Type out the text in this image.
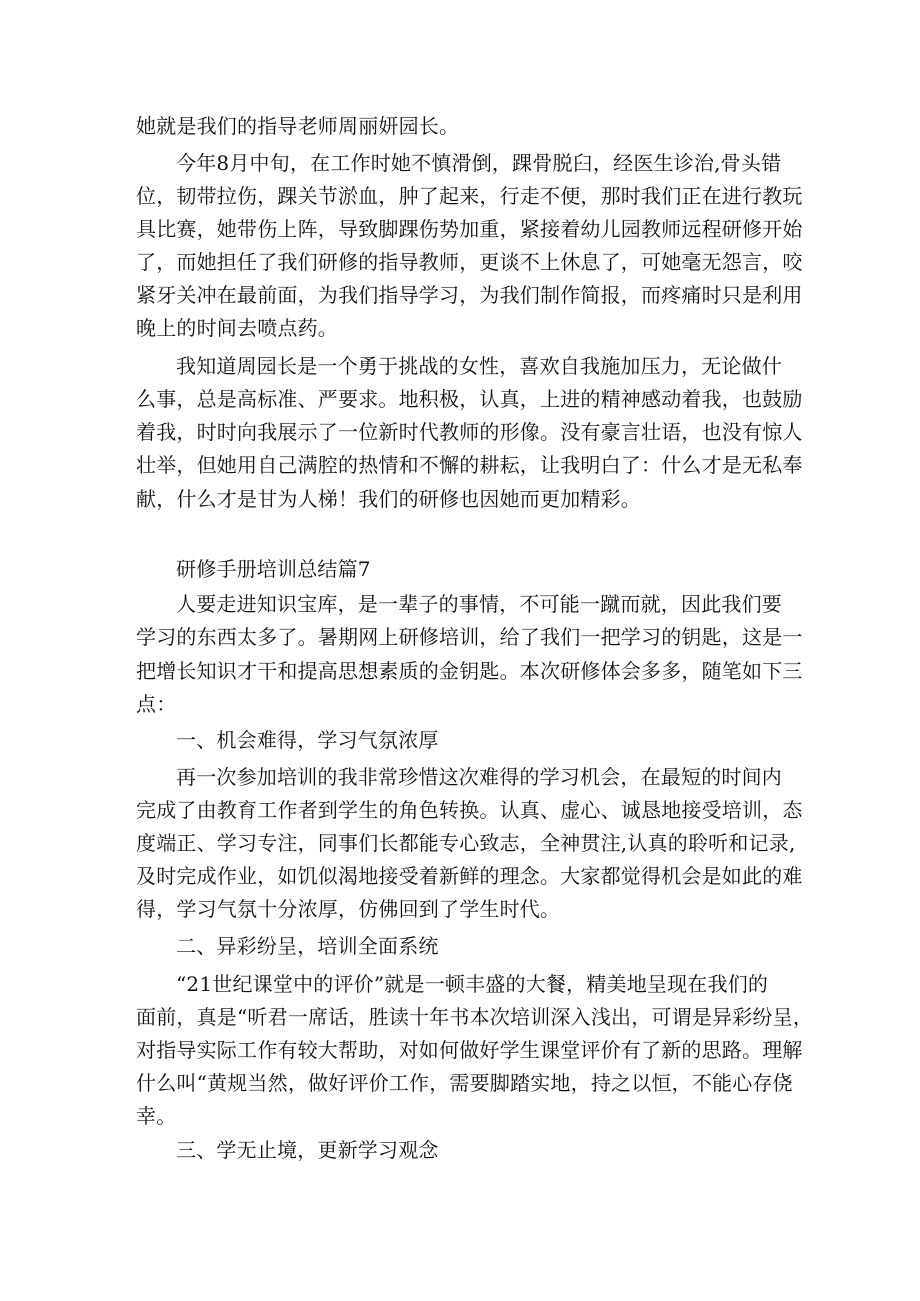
她就是我们的指导老师周丽妍园长。
今年8月中旬，在工作时她不慎滑倒，踝骨脱臼，经医生诊治,骨头错
位，韧带拉伤，踝关节淤血，肿了起来，行走不便，那时我们正在进行教玩
具比赛，她带伤上阵，导致脚踝伤势加重，紧接着幼儿园教师远程研修开始
了，而她担任了我们研修的指导教师，更谈不上休息了，可她毫无怨言，咬
紧牙关冲在最前面，为我们指导学习，为我们制作简报，而疼痛时只是利用
晚上的时间去喷点药。
我知道周园长是一个勇于挑战的女性，喜欢自我施加压力，无论做什
么事，总是高标准、严要求。地积极，认真，上进的精神感动着我，也鼓励
着我，时时向我展示了一位新时代教师的形像。没有豪言壮语，也没有惊人
壮举，但她用自己满腔的热情和不懈的耕耘，让我明白了：什么才是无私奉
献，什么才是甘为人梯！我们的研修也因她而更加精彩。
研修手册培训总结篇7
人要走进知识宝库，是一辈子的事情，不可能一蹴而就，因此我们要
学习的东西太多了。暑期网上研修培训，给了我们一把学习的钥匙，这是一
把增长知识才干和提高思想素质的金钥匙。本次研修体会多多，随笔如下三
点：
一、机会难得，学习气氛浓厚
再一次参加培训的我非常珍惜这次难得的学习机会，在最短的时间内
完成了由教育工作者到学生的角色转换。认真、虚心、诚恳地接受培训，态
度端正、学习专注，同事们长都能专心致志，全神贯注,认真的聆听和记录,
及时完成作业，如饥似渴地接受着新鲜的理念。大家都觉得机会是如此的难
得，学习气氛十分浓厚，仿佛回到了学生时代。
二、异彩纷呈，培训全面系统
“21世纪课堂中的评价”就是一顿丰盛的大餐，精美地呈现在我们的
面前，真是“听君一席话，胜读十年书本次培训深入浅出，可谓是异彩纷呈，
对指导实际工作有较大帮助，对如何做好学生课堂评价有了新的思路。理解
什么叫“黄规当然，做好评价工作，需要脚踏实地，持之以恒，不能心存侥
幸。
三、学无止境，更新学习观念
